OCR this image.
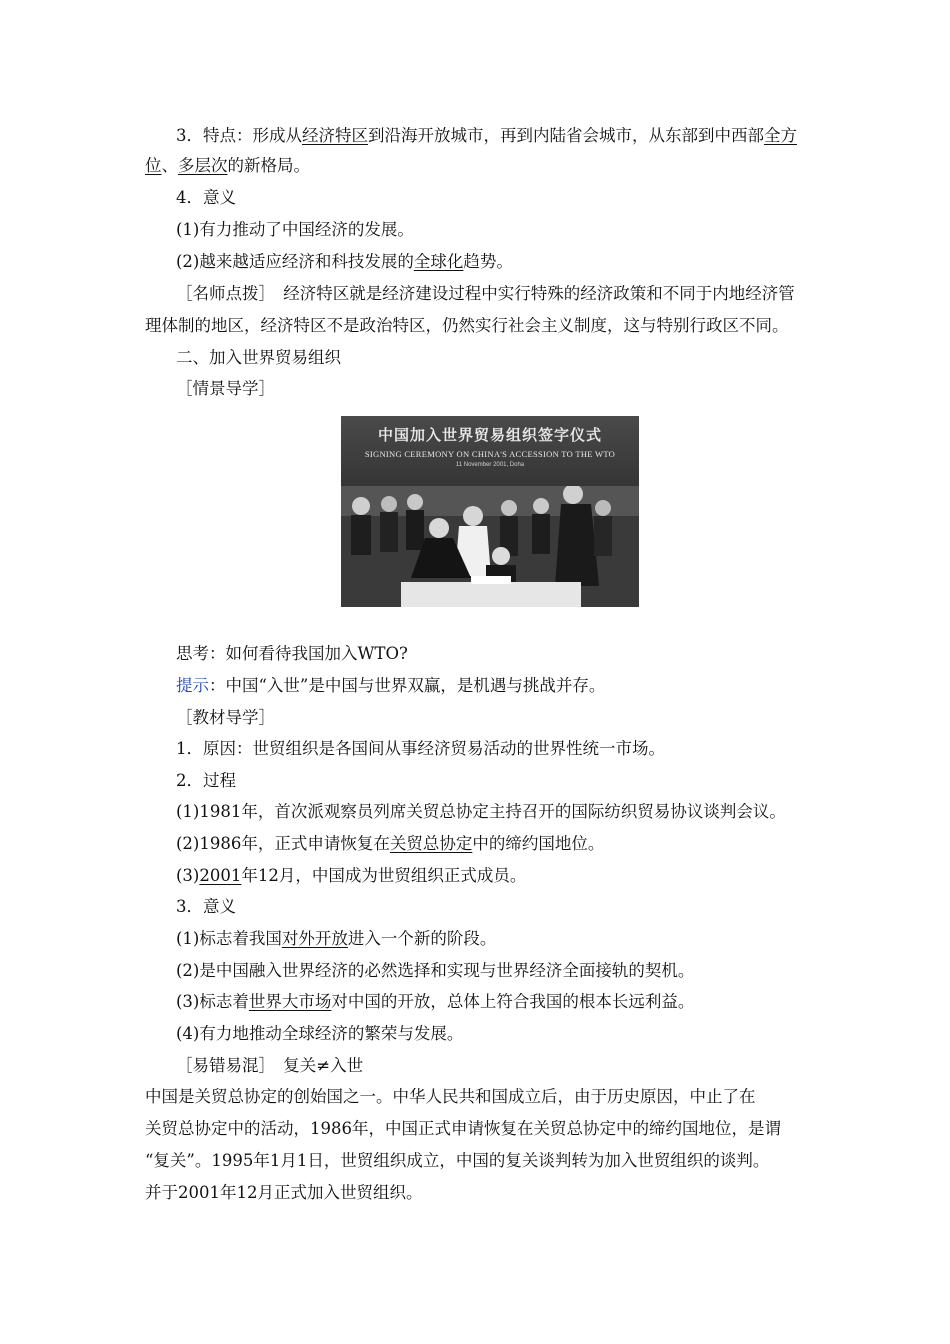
3．特点：形成从经济特区到沿海开放城市，再到内陆省会城市，从东部到中西部全方
位、多层次的新格局。
4．意义
(1)有力推动了中国经济的发展。
(2)越来越适应经济和科技发展的全球化趋势。
［名师点拨］　经济特区就是经济建设过程中实行特殊的经济政策和不同于内地经济管
理体制的地区，经济特区不是政治特区，仍然实行社会主义制度，这与特别行政区不同。
二、加入世界贸易组织
［情景导学］
中国加入世界贸易组织签字仪式
SIGNING CEREMONY ON CHINA'S ACCESSION TO THE WTO
11 November 2001, Doha
思考：如何看待我国加入WTO?
提示：中国“入世”是中国与世界双赢，是机遇与挑战并存。
［教材导学］
1．原因：世贸组织是各国间从事经济贸易活动的世界性统一市场。
2．过程
(1)1981年，首次派观察员列席关贸总协定主持召开的国际纺织贸易协议谈判会议。
(2)1986年，正式申请恢复在关贸总协定中的缔约国地位。
(3)2001年12月，中国成为世贸组织正式成员。
3．意义
(1)标志着我国对外开放进入一个新的阶段。
(2)是中国融入世界经济的必然选择和实现与世界经济全面接轨的契机。
(3)标志着世界大市场对中国的开放，总体上符合我国的根本长远利益。
(4)有力地推动全球经济的繁荣与发展。
［易错易混］　复关≠入世
中国是关贸总协定的创始国之一。中华人民共和国成立后，由于历史原因，中止了在
关贸总协定中的活动，1986年，中国正式申请恢复在关贸总协定中的缔约国地位，是谓
“复关”。1995年1月1日，世贸组织成立，中国的复关谈判转为加入世贸组织的谈判。
并于2001年12月正式加入世贸组织。
